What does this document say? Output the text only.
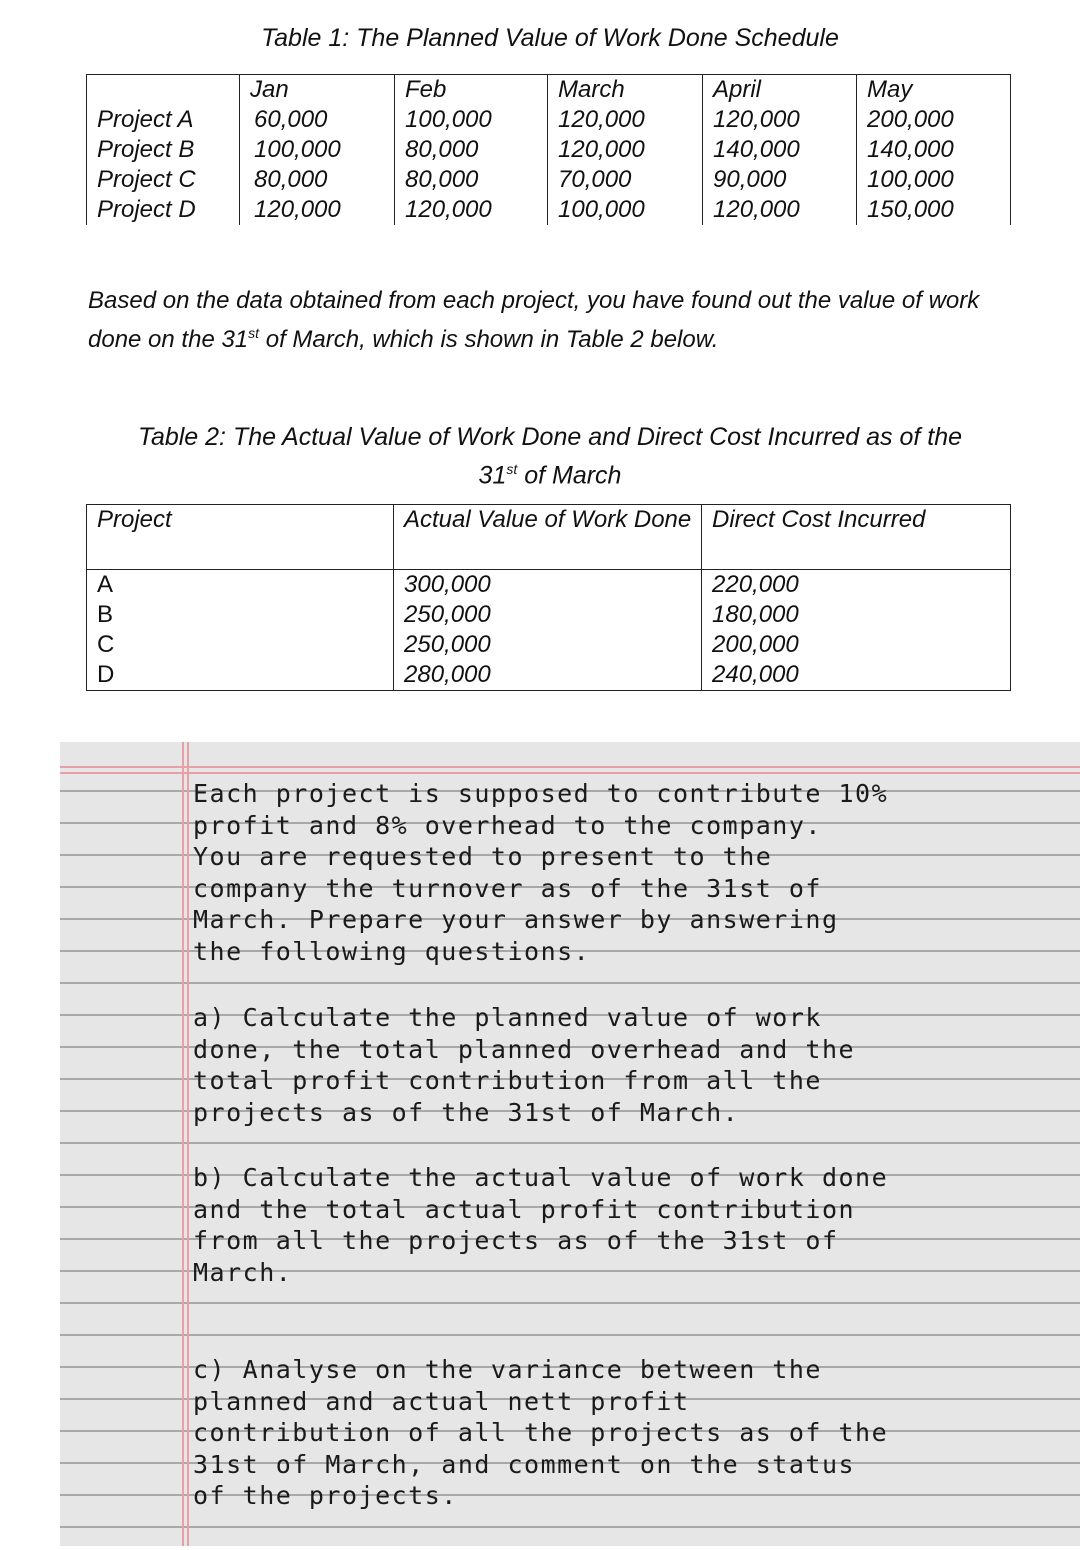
Table 1: The Planned Value of Work Done Schedule
	Jan	Feb	March	April	May
Project A	60,000	100,000	120,000	120,000	200,000
Project B	100,000	80,000	120,000	140,000	140,000
Project C	80,000	80,000	70,000	90,000	100,000
Project D	120,000	120,000	100,000	120,000	150,000
Based on the data obtained from each project, you have found out the value of work done on the 31st of March, which is shown in Table 2 below.
Table 2: The Actual Value of Work Done and Direct Cost Incurred as of the
31st of March
Project	Actual Value of Work Done	Direct Cost Incurred
A	300,000	220,000
B	250,000	180,000
C	250,000	200,000
D	280,000	240,000
Each project is supposed to contribute 10%
profit and 8% overhead to the company.
You are requested to present to the
company the turnover as of the 31st of
March. Prepare your answer by answering
the following questions.
a) Calculate the planned value of work
done, the total planned overhead and the
total profit contribution from all the
projects as of the 31st of March.
b) Calculate the actual value of work done
and the total actual profit contribution
from all the projects as of the 31st of
March.
c) Analyse on the variance between the
planned and actual nett profit
contribution of all the projects as of the
31st of March, and comment on the status
of the projects.
